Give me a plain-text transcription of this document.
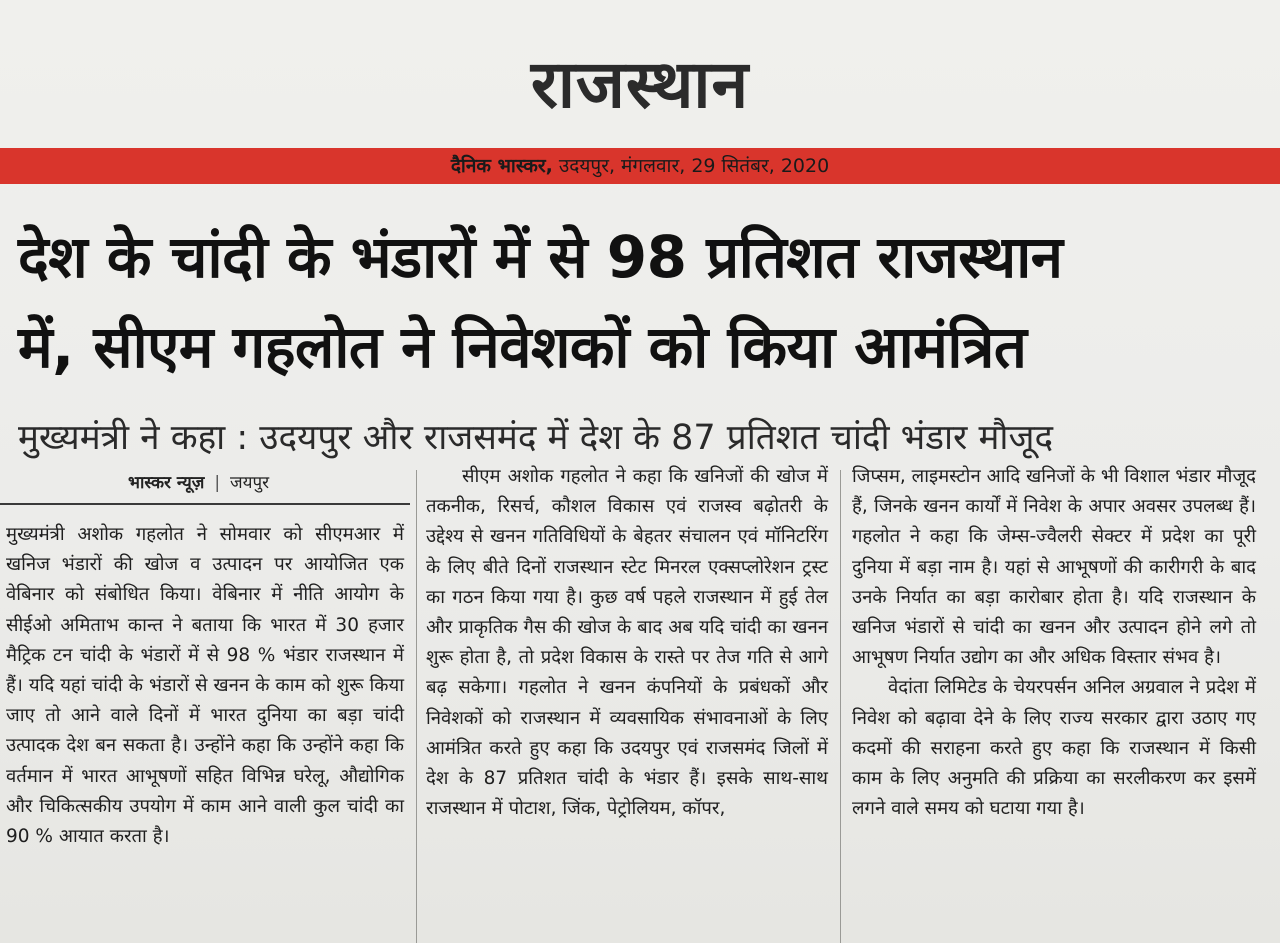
राजस्थान
दैनिक भास्कर, उदयपुर, मंगलवार, 29 सितंबर, 2020
देश के चांदी के भंडारों में से 98 प्रतिशत राजस्थान
में, सीएम गहलोत ने निवेशकों को किया आमंत्रित
मुख्यमंत्री ने कहा : उदयपुर और राजसमंद में देश के 87 प्रतिशत चांदी भंडार मौजूद
भास्कर न्यूज़ | जयपुर

मुख्यमंत्री अशोक गहलोत ने सोमवार को सीएमआर में खनिज भंडारों की खोज व उत्पादन पर आयोजित एक वेबिनार को संबोधित किया। वेबिनार में नीति आयोग के सीईओ अमिताभ कान्त ने बताया कि भारत में 30 हजार मैट्रिक टन चांदी के भंडारों में से 98 % भंडार राजस्थान में हैं। यदि यहां चांदी के भंडारों से खनन के काम को शुरू किया जाए तो आने वाले दिनों में भारत दुनिया का बड़ा चांदी उत्पादक देश बन सकता है। उन्होंने कहा कि उन्होंने कहा कि वर्तमान में भारत आभूषणों सहित विभिन्न घरेलू, औद्योगिक और चिकित्सकीय उपयोग में काम आने वाली कुल चांदी का 90 % आयात करता है।

सीएम अशोक गहलोत ने कहा कि खनिजों की खोज में तकनीक, रिसर्च, कौशल विकास एवं राजस्व बढ़ोतरी के उद्देश्य से खनन गतिविधियों के बेहतर संचालन एवं मॉनिटरिंग के लिए बीते दिनों राजस्थान स्टेट मिनरल एक्सप्लोरेशन ट्रस्ट का गठन किया गया है। कुछ वर्ष पहले राजस्थान में हुई तेल और प्राकृतिक गैस की खोज के बाद अब यदि चांदी का खनन शुरू होता है, तो प्रदेश विकास के रास्ते पर तेज गति से आगे बढ़ सकेगा। गहलोत ने खनन कंपनियों के प्रबंधकों और निवेशकों को राजस्थान में व्यवसायिक संभावनाओं के लिए आमंत्रित करते हुए कहा कि उदयपुर एवं राजसमंद जिलों में देश के 87 प्रतिशत चांदी के भंडार हैं। इसके साथ-साथ राजस्थान में पोटाश, जिंक, पेट्रोलियम, कॉपर,

जिप्सम, लाइमस्टोन आदि खनिजों के भी विशाल भंडार मौजूद हैं, जिनके खनन कार्यों में निवेश के अपार अवसर उपलब्ध हैं। गहलोत ने कहा कि जेम्स-ज्वैलरी सेक्टर में प्रदेश का पूरी दुनिया में बड़ा नाम है। यहां से आभूषणों की कारीगरी के बाद उनके निर्यात का बड़ा कारोबार होता है। यदि राजस्थान के खनिज भंडारों से चांदी का खनन और उत्पादन होने लगे तो आभूषण निर्यात उद्योग का और अधिक विस्तार संभव है।

वेदांता लिमिटेड के चेयरपर्सन अनिल अग्रवाल ने प्रदेश में निवेश को बढ़ावा देने के लिए राज्य सरकार द्वारा उठाए गए कदमों की सराहना करते हुए कहा कि राजस्थान में किसी काम के लिए अनुमति की प्रक्रिया का सरलीकरण कर इसमें लगने वाले समय को घटाया गया है।
